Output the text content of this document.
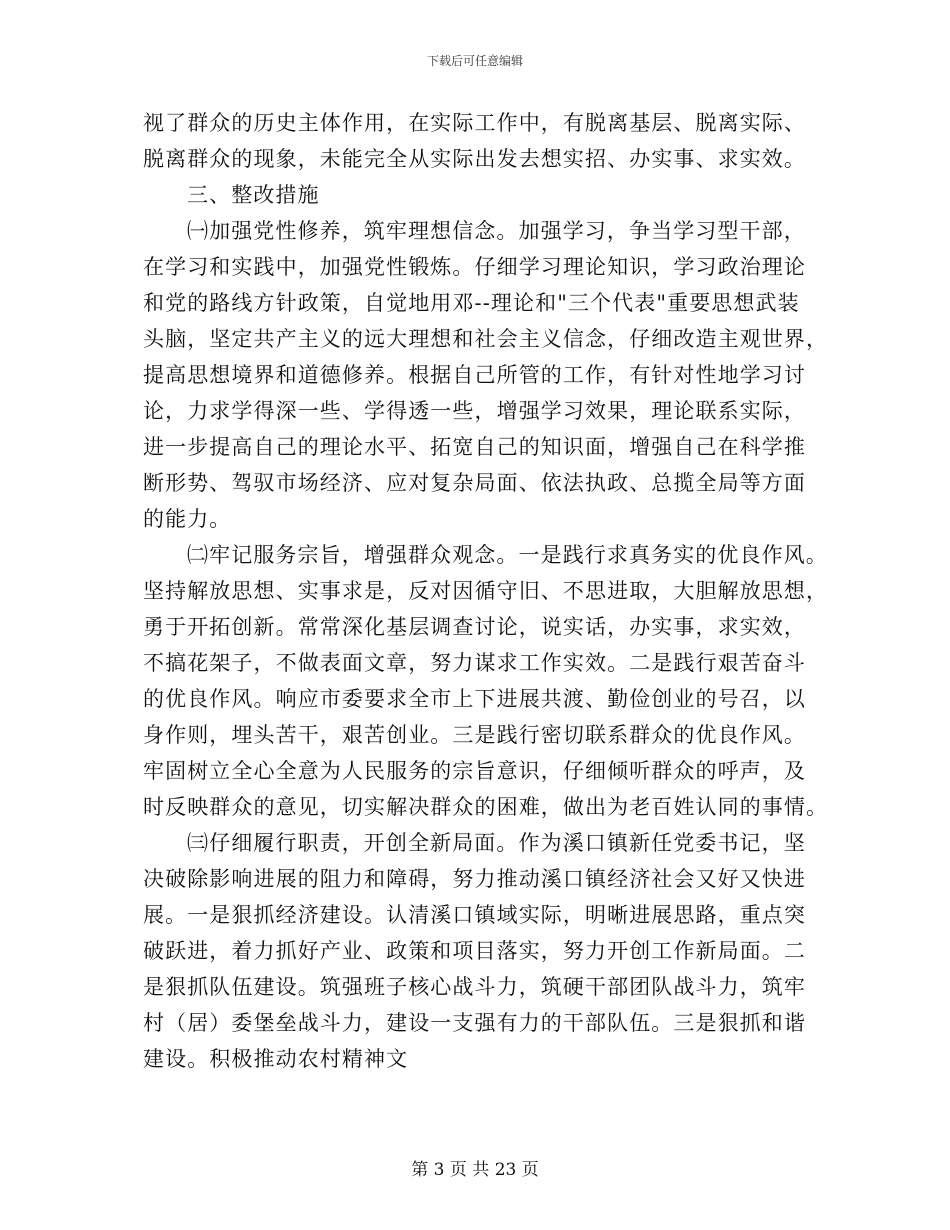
下载后可任意编辑
视了群众的历史主体作用，在实际工作中，有脱离基层、脱离实际、
脱离群众的现象，未能完全从实际出发去想实招、办实事、求实效。
三、整改措施
㈠加强党性修养，筑牢理想信念。加强学习，争当学习型干部，
在学习和实践中，加强党性锻炼。仔细学习理论知识，学习政治理论
和党的路线方针政策，自觉地用邓--理论和"三个代表"重要思想武装
头脑，坚定共产主义的远大理想和社会主义信念，仔细改造主观世界，
提高思想境界和道德修养。根据自己所管的工作，有针对性地学习讨
论，力求学得深一些、学得透一些，增强学习效果，理论联系实际，
进一步提高自己的理论水平、拓宽自己的知识面，增强自己在科学推
断形势、驾驭市场经济、应对复杂局面、依法执政、总揽全局等方面
的能力。
㈡牢记服务宗旨，增强群众观念。一是践行求真务实的优良作风。
坚持解放思想、实事求是，反对因循守旧、不思进取，大胆解放思想，
勇于开拓创新。常常深化基层调查讨论，说实话，办实事，求实效，
不搞花架子，不做表面文章，努力谋求工作实效。二是践行艰苦奋斗
的优良作风。响应市委要求全市上下进展共渡、勤俭创业的号召，以
身作则，埋头苦干，艰苦创业。三是践行密切联系群众的优良作风。
牢固树立全心全意为人民服务的宗旨意识，仔细倾听群众的呼声，及
时反映群众的意见，切实解决群众的困难，做出为老百姓认同的事情。
㈢仔细履行职责，开创全新局面。作为溪口镇新任党委书记，坚
决破除影响进展的阻力和障碍，努力推动溪口镇经济社会又好又快进
展。一是狠抓经济建设。认清溪口镇域实际，明晰进展思路，重点突
破跃进，着力抓好产业、政策和项目落实，努力开创工作新局面。二
是狠抓队伍建设。筑强班子核心战斗力，筑硬干部团队战斗力，筑牢
村（居）委堡垒战斗力，建设一支强有力的干部队伍。三是狠抓和谐
建设。积极推动农村精神文
第 3 页 共 23 页
